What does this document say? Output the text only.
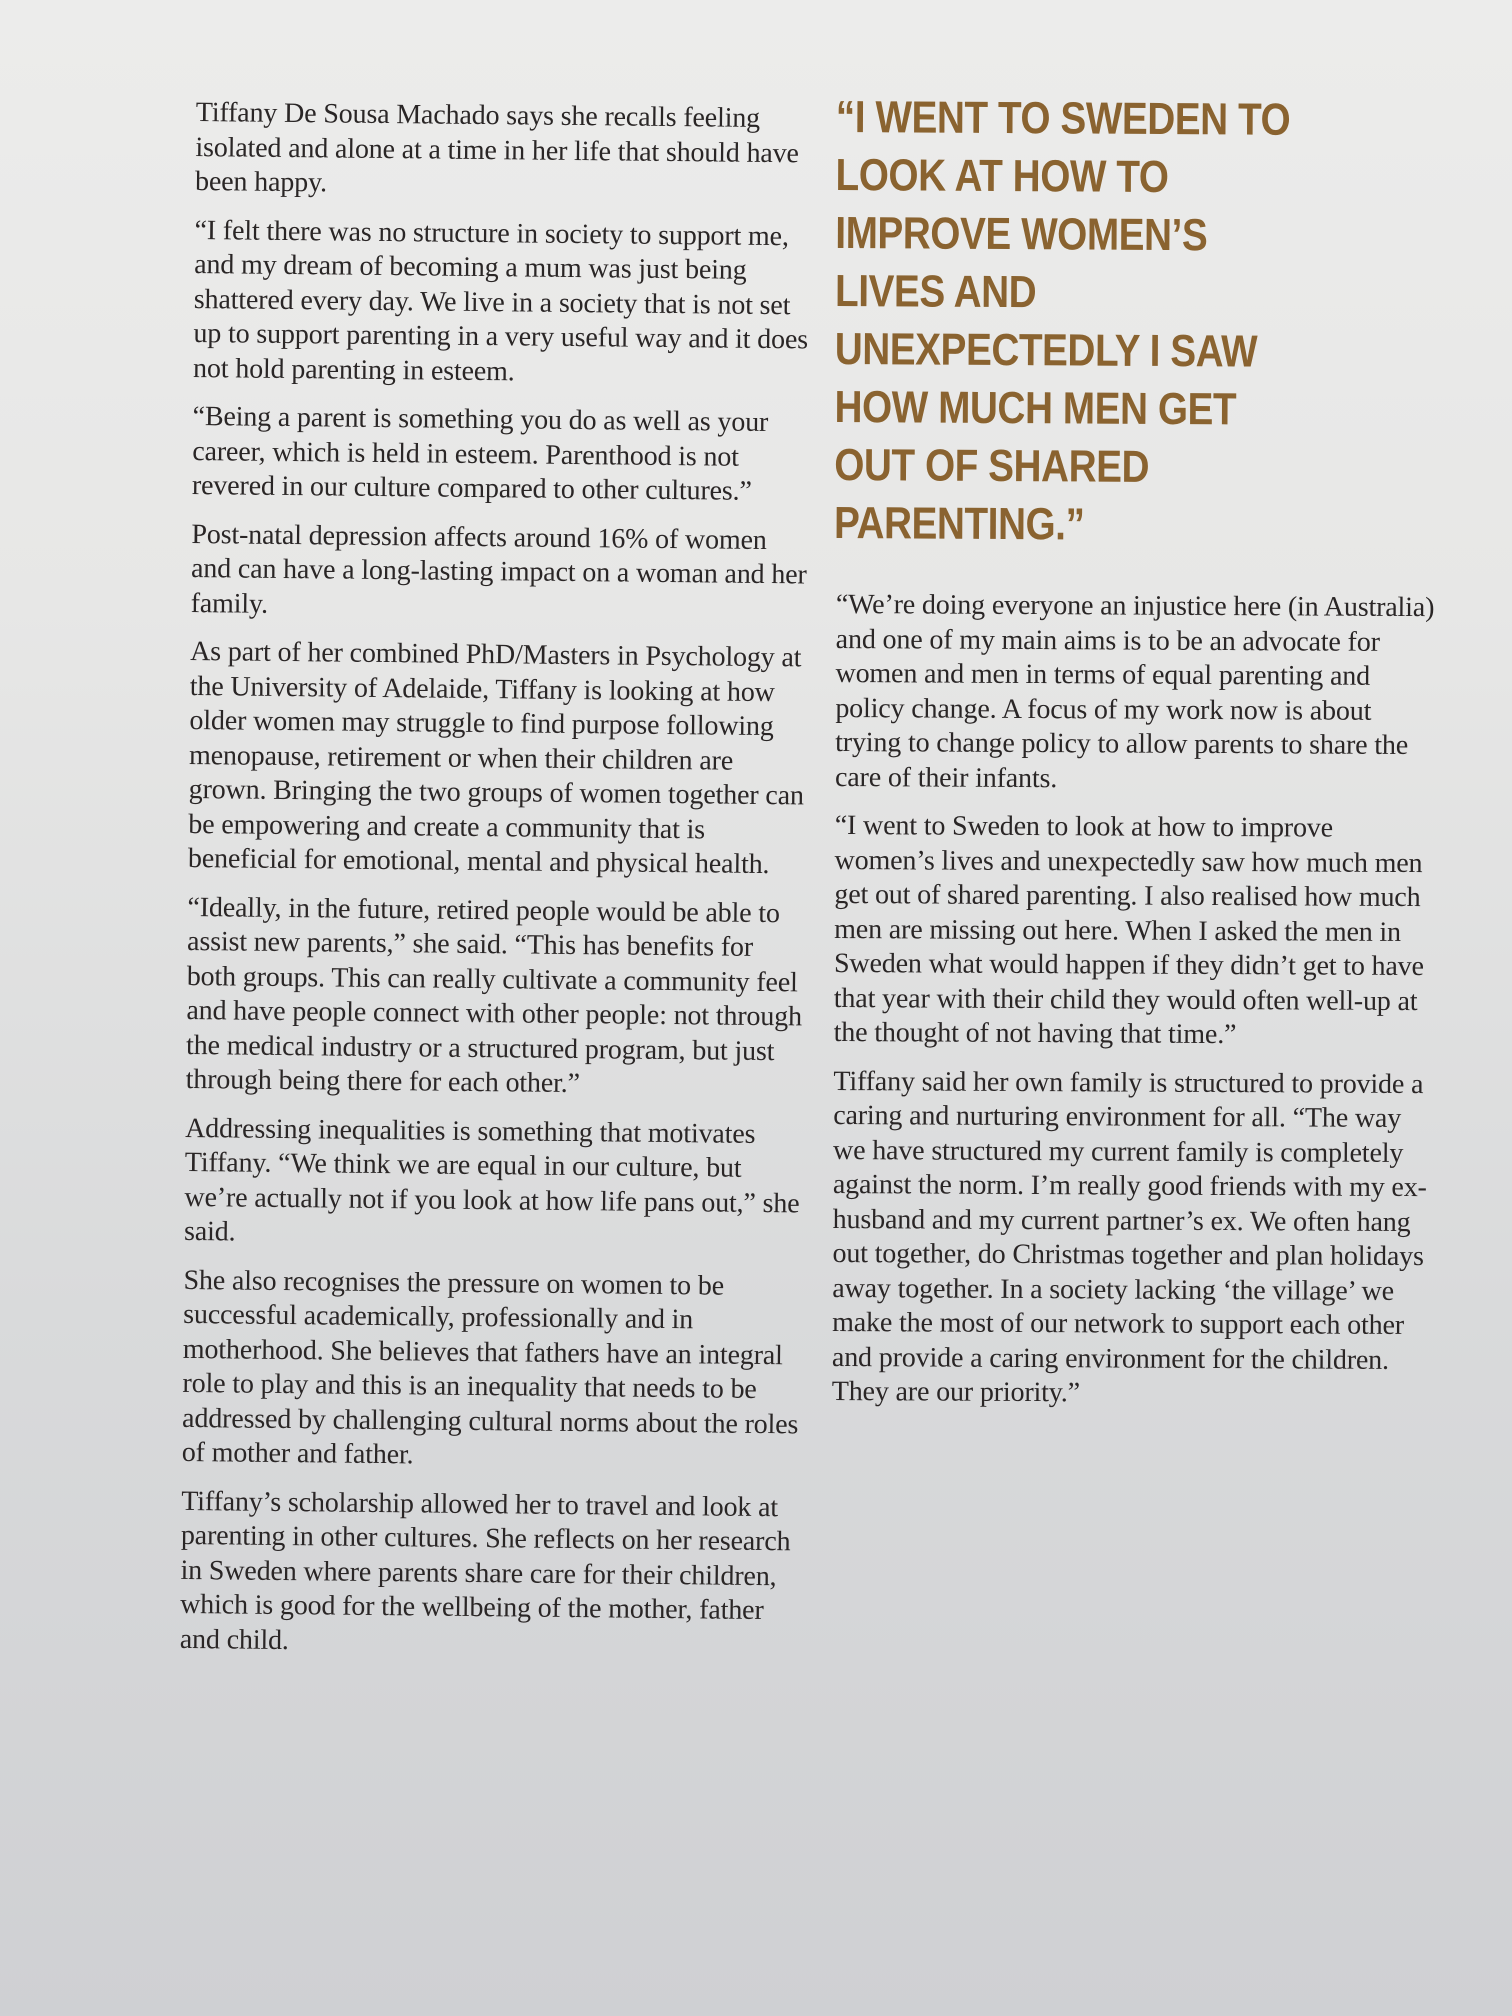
Tiffany De Sousa Machado says she recalls feeling isolated and alone at a time in her life that should have been happy.

“I felt there was no structure in society to support me, and my dream of becoming a mum was just being shattered every day. We live in a society that is not set up to support parenting in a very useful way and it does not hold parenting in esteem.

“Being a parent is something you do as well as your career, which is held in esteem. Parenthood is not revered in our culture compared to other cultures.”

Post-natal depression affects around 16% of women and can have a long-lasting impact on a woman and her family.

As part of her combined PhD/Masters in Psychology at the University of Adelaide, Tiffany is looking at how older women may struggle to find purpose following menopause, retirement or when their children are grown. Bringing the two groups of women together can be empowering and create a community that is beneficial for emotional, mental and physical health.

“Ideally, in the future, retired people would be able to assist new parents,” she said. “This has benefits for both groups. This can really cultivate a community feel and have people connect with other people: not through the medical industry or a structured program, but just through being there for each other.”

Addressing inequalities is something that motivates Tiffany. “We think we are equal in our culture, but we’re actually not if you look at how life pans out,” she said.

She also recognises the pressure on women to be successful academically, professionally and in motherhood. She believes that fathers have an integral role to play and this is an inequality that needs to be addressed by challenging cultural norms about the roles of mother and father.

Tiffany’s scholarship allowed her to travel and look at parenting in other cultures. She reflects on her research in Sweden where parents share care for their children, which is good for the wellbeing of the mother, father and child.

“I WENT TO SWEDEN TO LOOK AT HOW TO IMPROVE WOMEN’S LIVES AND UNEXPECTEDLY I SAW HOW MUCH MEN GET OUT OF SHARED PARENTING.”

“We’re doing everyone an injustice here (in Australia) and one of my main aims is to be an advocate for women and men in terms of equal parenting and policy change. A focus of my work now is about trying to change policy to allow parents to share the care of their infants.

“I went to Sweden to look at how to improve women’s lives and unexpectedly saw how much men get out of shared parenting. I also realised how much men are missing out here. When I asked the men in Sweden what would happen if they didn’t get to have that year with their child they would often well-up at the thought of not having that time.”

Tiffany said her own family is structured to provide a caring and nurturing environment for all. “The way we have structured my current family is completely against the norm. I’m really good friends with my ex-husband and my current partner’s ex. We often hang out together, do Christmas together and plan holidays away together. In a society lacking ‘the village’ we make the most of our network to support each other and provide a caring environment for the children. They are our priority.”
